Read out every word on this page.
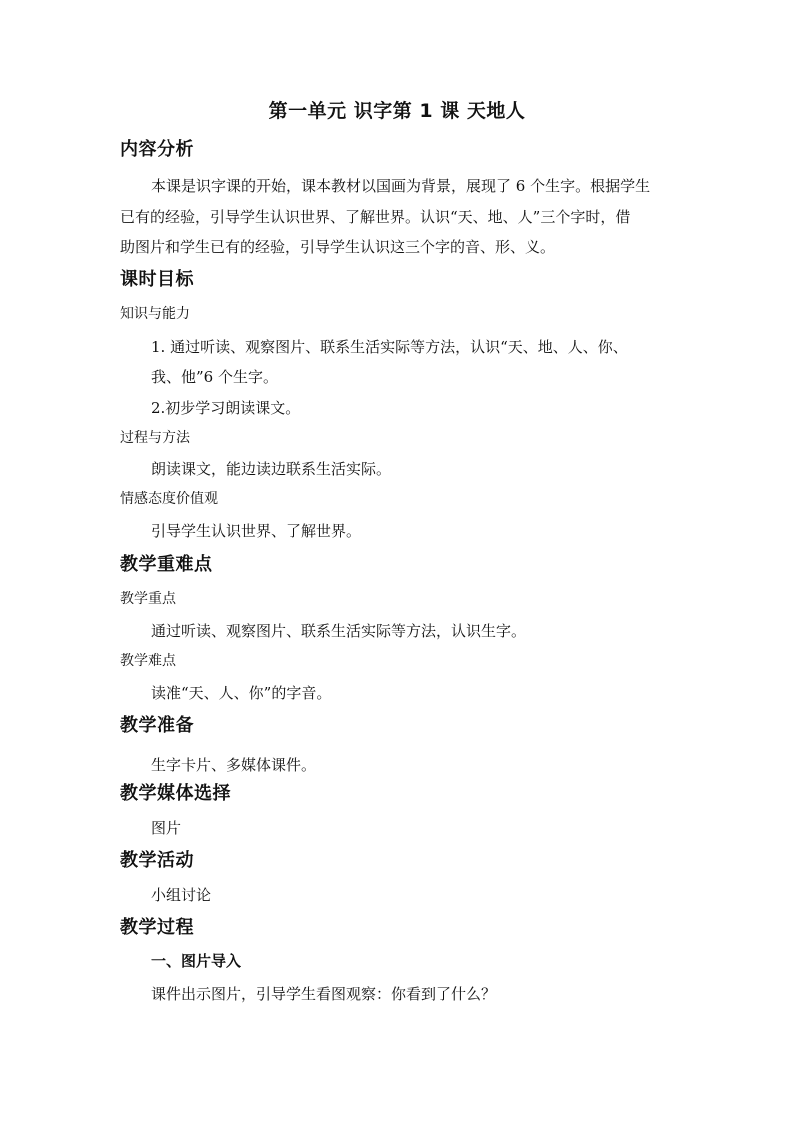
第一单元 识字第 1 课 天地人
内容分析
本课是识字课的开始，课本教材以国画为背景，展现了 6 个生字。根据学生
已有的经验，引导学生认识世界、了解世界。认识“天、地、人”三个字时，借
助图片和学生已有的经验，引导学生认识这三个字的音、形、义。
课时目标
知识与能力
1. 通过听读、观察图片、联系生活实际等方法，认识“天、地、人、你、
我、他”6 个生字。
2.初步学习朗读课文。
过程与方法
朗读课文，能边读边联系生活实际。
情感态度价值观
引导学生认识世界、了解世界。
教学重难点
教学重点
通过听读、观察图片、联系生活实际等方法，认识生字。
教学难点
读准“天、人、你”的字音。
教学准备
生字卡片、多媒体课件。
教学媒体选择
图片
教学活动
小组讨论
教学过程
一、图片导入
课件出示图片，引导学生看图观察：你看到了什么？
